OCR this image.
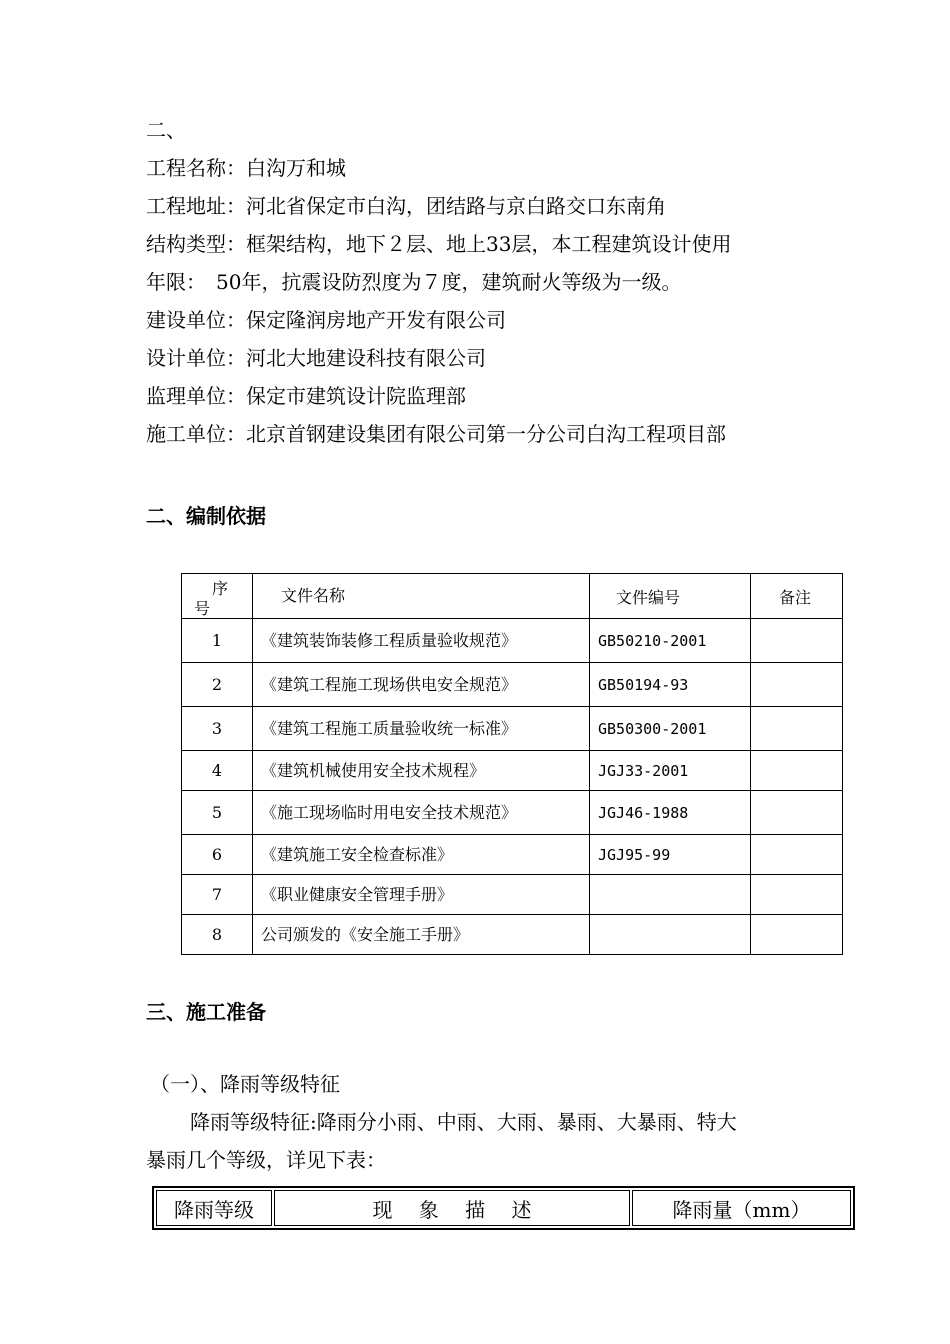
二、
工程名称：白沟万和城
工程地址：河北省保定市白沟，团结路与京白路交口东南角
结构类型：框架结构，地下２层、地上33层，本工程建筑设计使用
年限：　50年，抗震设防烈度为７度，建筑耐火等级为一级。
建设单位：保定隆润房地产开发有限公司
设计单位：河北大地建设科技有限公司
监理单位：保定市建筑设计院监理部
施工单位：北京首钢建设集团有限公司第一分公司白沟工程项目部
二、编制依据
序
号	文件名称	文件编号	备注
1	《建筑装饰装修工程质量验收规范》	GB50210-2001	
2	《建筑工程施工现场供电安全规范》	GB50194-93	
3	《建筑工程施工质量验收统一标准》	GB50300-2001	
4	《建筑机械使用安全技术规程》	JGJ33-2001	
5	《施工现场临时用电安全技术规范》	JGJ46-1988	
6	《建筑施工安全检查标准》	JGJ95-99	
7	《职业健康安全管理手册》		
8	公司颁发的《安全施工手册》		
三、施工准备
（一）、降雨等级特征
降雨等级特征:降雨分小雨、中雨、大雨、暴雨、大暴雨、特大
暴雨几个等级，详见下表：
降雨等级	现　 象　 描　 述	降雨量（mm）
